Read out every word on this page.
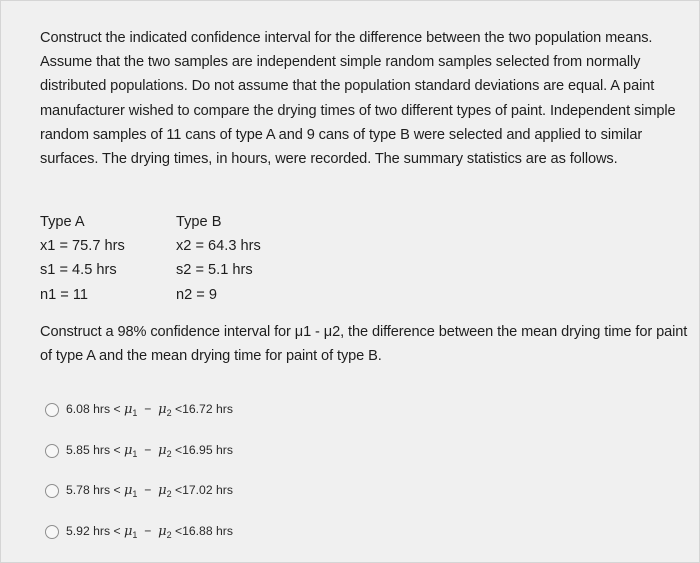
Construct the indicated confidence interval for the difference between the two population means. Assume that the two samples are independent simple random samples selected from normally distributed populations. Do not assume that the population standard deviations are equal. A paint manufacturer wished to compare the drying times of two different types of paint. Independent simple random samples of 11 cans of type A and 9 cans of type B were selected and applied to similar surfaces. The drying times, in hours, were recorded. The summary statistics are as follows.
Type A
x1 = 75.7 hrs
s1 = 4.5 hrs
n1 = 11
Type B
x2 = 64.3 hrs
s2 = 5.1 hrs
n2 = 9
Construct a 98% confidence interval for μ1 - μ2, the difference between the mean drying time for paint of type A and the mean drying time for paint of type B.
6.08 hrs < $\mu_1 - \mu_2 <16.72$ hrs
5.85 hrs < $\mu_1 - \mu_2 <16.95$ hrs
5.78 hrs < $\mu_1 - \mu_2 <17.02$ hrs
5.92 hrs < $\mu_1 - \mu_2 <16.88$ hrs
